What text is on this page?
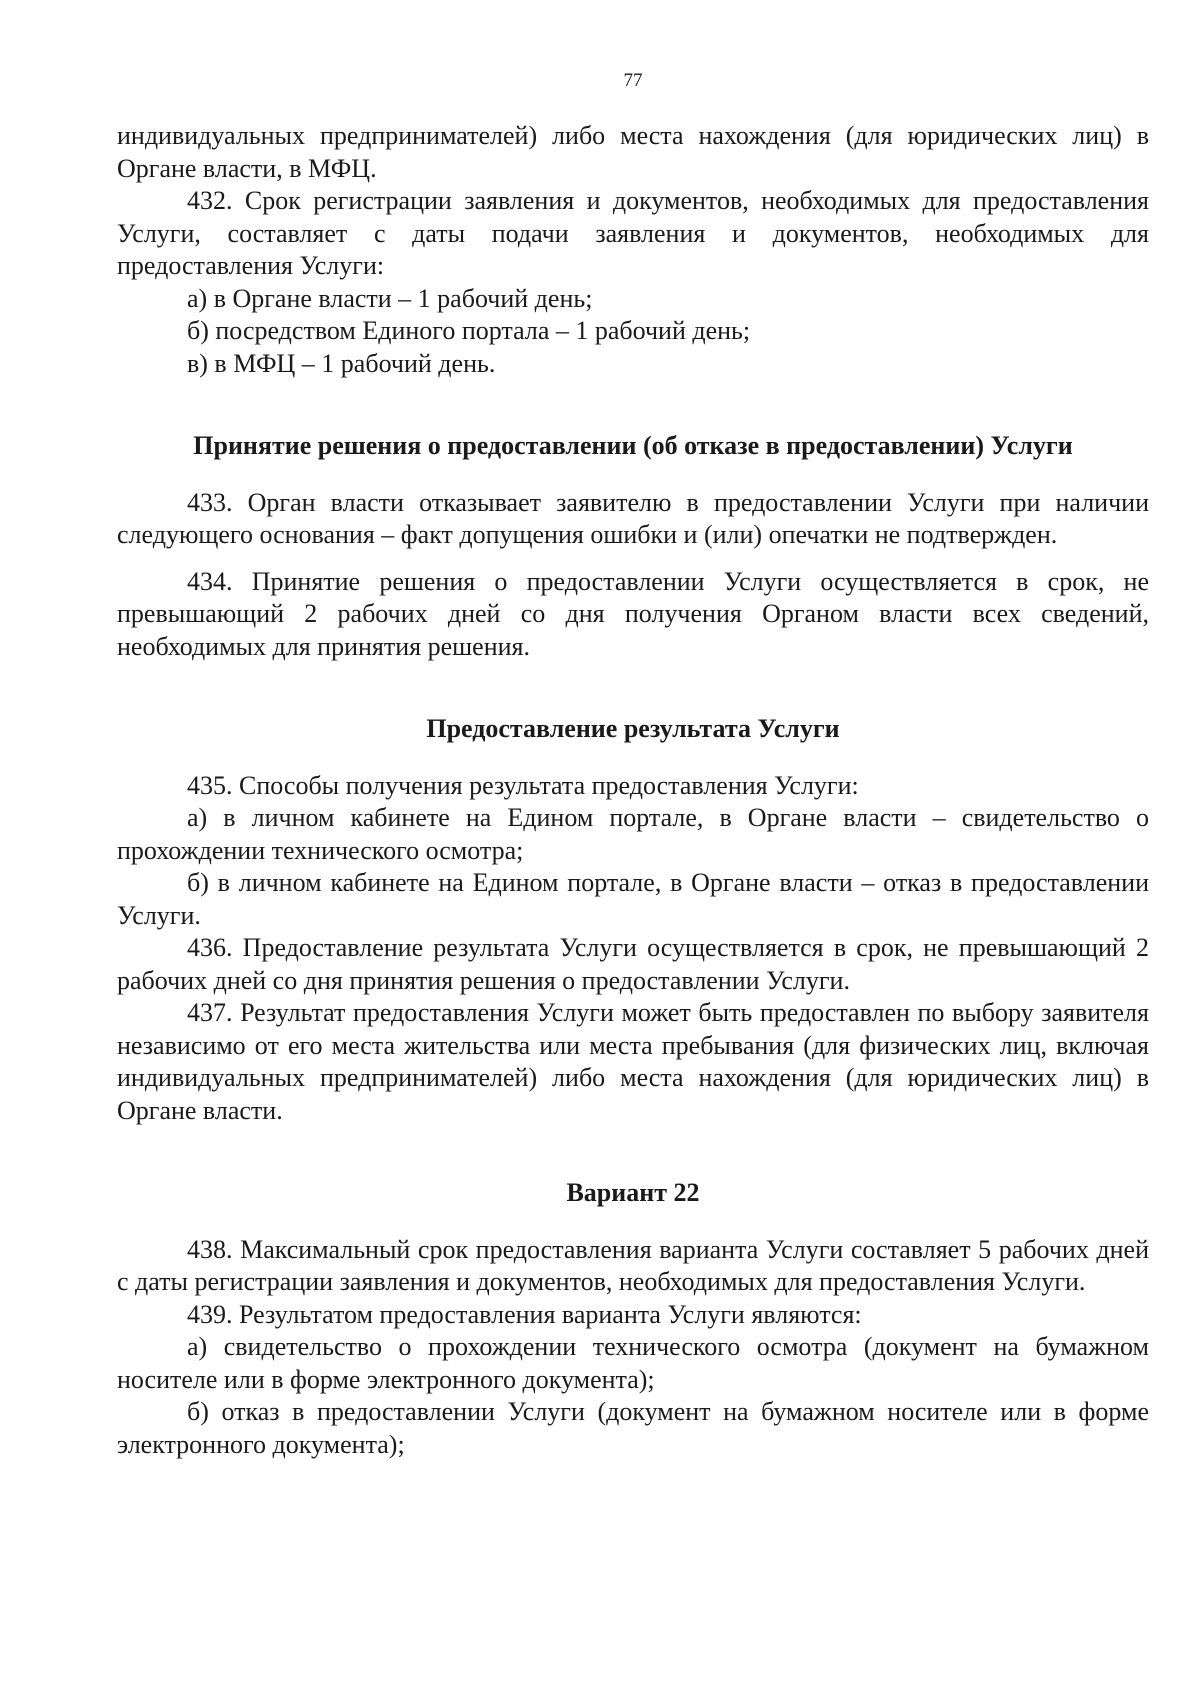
77

индивидуальных предпринимателей) либо места нахождения (для юридических лиц) в Органе власти, в МФЦ.

432. Срок регистрации заявления и документов, необходимых для предоставления Услуги, составляет с даты подачи заявления и документов, необходимых для предоставления Услуги:

а) в Органе власти – 1 рабочий день;

б) посредством Единого портала – 1 рабочий день;

в) в МФЦ – 1 рабочий день.

Принятие решения о предоставлении (об отказе в предоставлении) Услуги

433. Орган власти отказывает заявителю в предоставлении Услуги при наличии следующего основания – факт допущения ошибки и (или) опечатки не подтвержден.

434. Принятие решения о предоставлении Услуги осуществляется в срок, не превышающий 2 рабочих дней со дня получения Органом власти всех сведений, необходимых для принятия решения.

Предоставление результата Услуги

435. Способы получения результата предоставления Услуги:

а) в личном кабинете на Едином портале, в Органе власти – свидетельство о прохождении технического осмотра;

б) в личном кабинете на Едином портале, в Органе власти – отказ в предоставлении Услуги.

436. Предоставление результата Услуги осуществляется в срок, не превышающий 2 рабочих дней со дня принятия решения о предоставлении Услуги.

437. Результат предоставления Услуги может быть предоставлен по выбору заявителя независимо от его места жительства или места пребывания (для физических лиц, включая индивидуальных предпринимателей) либо места нахождения (для юридических лиц) в Органе власти.

Вариант 22

438. Максимальный срок предоставления варианта Услуги составляет 5 рабочих дней с даты регистрации заявления и документов, необходимых для предоставления Услуги.

439. Результатом предоставления варианта Услуги являются:

а) свидетельство о прохождении технического осмотра (документ на бумажном носителе или в форме электронного документа);

б) отказ в предоставлении Услуги (документ на бумажном носителе или в форме электронного документа);
